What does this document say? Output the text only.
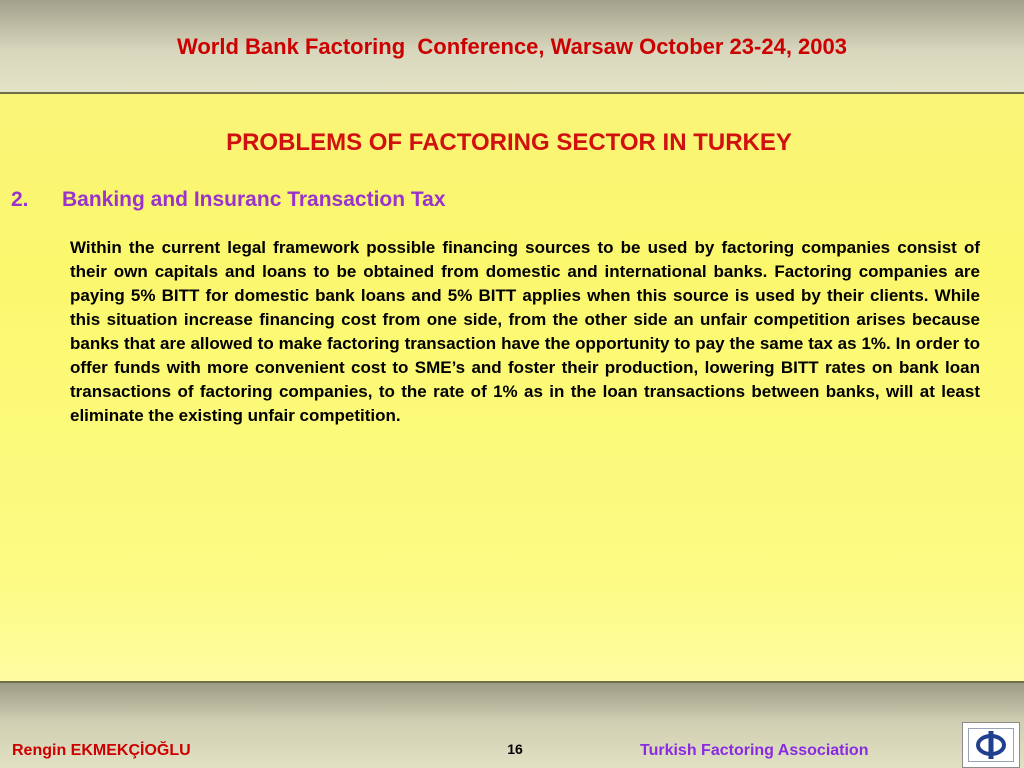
World Bank Factoring  Conference, Warsaw October 23-24, 2003
PROBLEMS OF FACTORING SECTOR IN TURKEY
2. Banking and Insuranc Transaction Tax

Within the current legal framework possible financing sources to be used by factoring companies consist of their own capitals and loans to be obtained from domestic and international banks. Factoring companies are paying 5% BITT for domestic bank loans and 5% BITT applies when this source is used by their clients. While this situation increase financing cost from one side, from the other side an unfair competition arises because   banks that are allowed to make factoring transaction have the opportunity to pay the same tax as 1%. In order to offer funds with more convenient cost to SME’s and foster their production, lowering BITT rates on bank loan transactions of factoring companies, to the rate of 1% as in the loan transactions between banks, will at least eliminate the existing unfair competition.

Rengin EKMEKÇİOĞLU	16	Turkish Factoring Association
